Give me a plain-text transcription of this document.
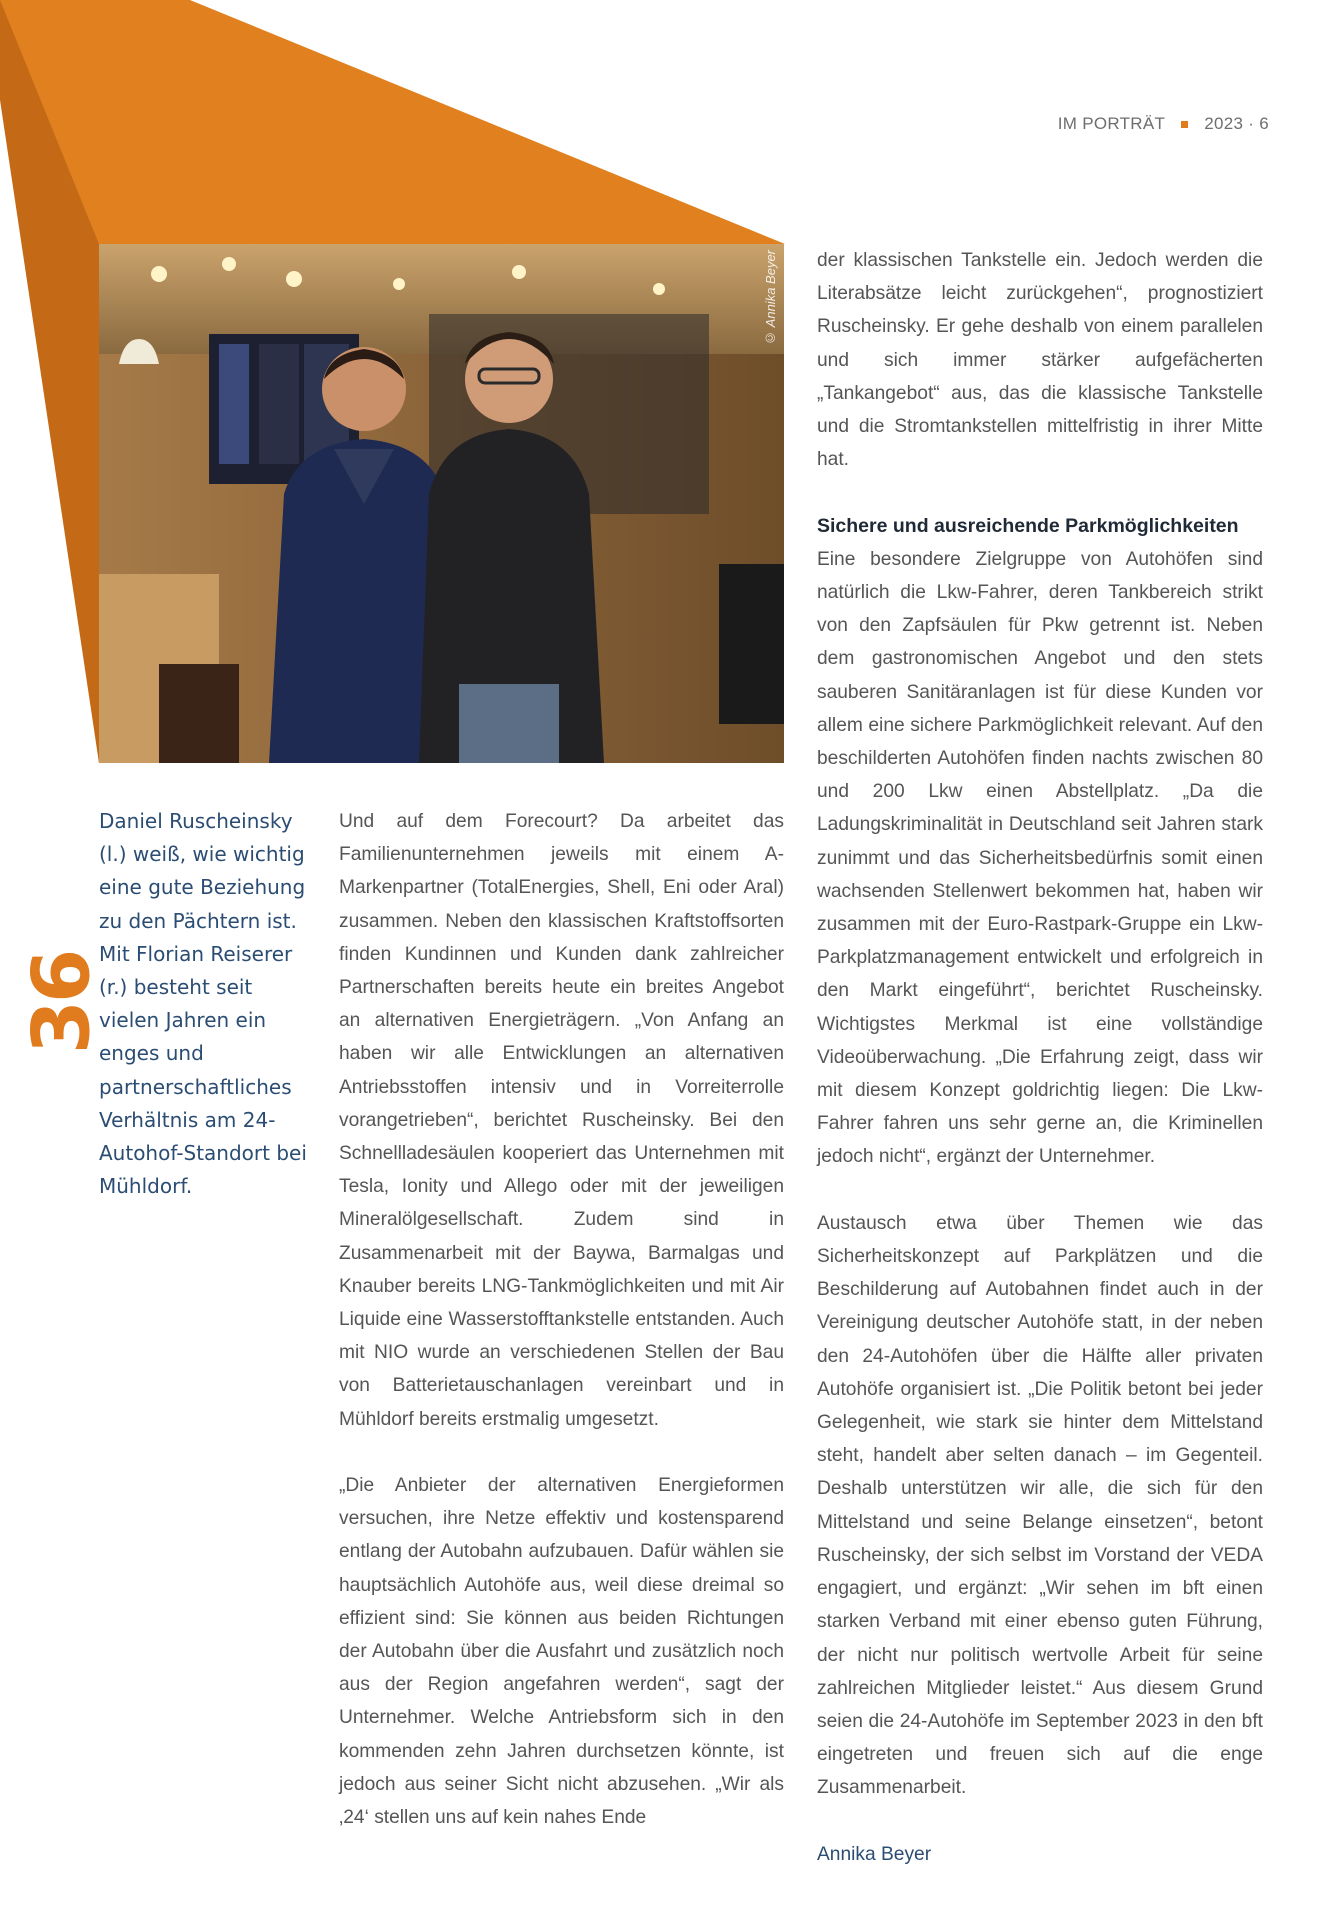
IM PORTRÄT 2023 · 6
© Annika Beyer
36
Daniel Ruscheinsky (l.) weiß, wie wichtig eine gute Beziehung zu den Pächtern ist. Mit Florian Reiserer (r.) besteht seit vielen Jahren ein enges und partnerschaftliches Verhältnis am 24-Autohof-Standort bei Mühldorf.

Und auf dem Forecourt? Da arbeitet das Familienunternehmen jeweils mit einem A-Markenpartner (TotalEnergies, Shell, Eni oder Aral) zusammen. Neben den klassischen Kraftstoffsorten finden Kundinnen und Kunden dank zahlreicher Partnerschaften bereits heute ein breites Angebot an alternativen Energieträgern. „Von Anfang an haben wir alle Entwicklungen an alternativen Antriebsstoffen intensiv und in Vorreiterrolle vorangetrieben“, berichtet Ruscheinsky. Bei den Schnellladesäulen kooperiert das Unternehmen mit Tesla, Ionity und Allego oder mit der jeweiligen Mineralölgesellschaft. Zudem sind in Zusammenarbeit mit der Baywa, Barmalgas und Knauber bereits LNG-Tankmöglichkeiten und mit Air Liquide eine Wasserstofftankstelle entstanden. Auch mit NIO wurde an verschiedenen Stellen der Bau von Batterietauschanlagen vereinbart und in Mühldorf bereits erstmalig umgesetzt.

„Die Anbieter der alternativen Energieformen versuchen, ihre Netze effektiv und kostensparend entlang der Autobahn aufzubauen. Dafür wählen sie hauptsächlich Autohöfe aus, weil diese dreimal so effizient sind: Sie können aus beiden Richtungen der Autobahn über die Ausfahrt und zusätzlich noch aus der Region angefahren werden“, sagt der Unternehmer. Welche Antriebsform sich in den kommenden zehn Jahren durchsetzen könnte, ist jedoch aus seiner Sicht nicht abzusehen. „Wir als ‚24‘ stellen uns auf kein nahes Ende

der klassischen Tankstelle ein. Jedoch werden die Literabsätze leicht zurückgehen“, prognostiziert Ruscheinsky. Er gehe deshalb von einem parallelen und sich immer stärker aufgefächerten „Tankangebot“ aus, das die klassische Tankstelle und die Stromtankstellen mittelfristig in ihrer Mitte hat.

Sichere und ausreichende Parkmöglichkeiten

Eine besondere Zielgruppe von Autohöfen sind natürlich die Lkw-Fahrer, deren Tankbereich strikt von den Zapfsäulen für Pkw getrennt ist. Neben dem gastronomischen Angebot und den stets sauberen Sanitäranlagen ist für diese Kunden vor allem eine sichere Parkmöglichkeit relevant. Auf den beschilderten Autohöfen finden nachts zwischen 80 und 200 Lkw einen Abstellplatz. „Da die Ladungskriminalität in Deutschland seit Jahren stark zunimmt und das Sicherheitsbedürfnis somit einen wachsenden Stellenwert bekommen hat, haben wir zusammen mit der Euro-Rastpark-Gruppe ein Lkw-Parkplatzmanagement entwickelt und erfolgreich in den Markt eingeführt“, berichtet Ruscheinsky. Wichtigstes Merkmal ist eine vollständige Videoüberwachung. „Die Erfahrung zeigt, dass wir mit diesem Konzept goldrichtig liegen: Die Lkw-Fahrer fahren uns sehr gerne an, die Kriminellen jedoch nicht“, ergänzt der Unternehmer.

Austausch etwa über Themen wie das Sicherheitskonzept auf Parkplätzen und die Beschilderung auf Autobahnen findet auch in der Vereinigung deutscher Autohöfe statt, in der neben den 24-Autohöfen über die Hälfte aller privaten Autohöfe organisiert ist. „Die Politik betont bei jeder Gelegenheit, wie stark sie hinter dem Mittelstand steht, handelt aber selten danach – im Gegenteil. Deshalb unterstützen wir alle, die sich für den Mittelstand und seine Belange einsetzen“, betont Ruscheinsky, der sich selbst im Vorstand der VEDA engagiert, und ergänzt: „Wir sehen im bft einen starken Verband mit einer ebenso guten Führung, der nicht nur politisch wertvolle Arbeit für seine zahlreichen Mitglieder leistet.“ Aus diesem Grund seien die 24-Autohöfe im September 2023 in den bft eingetreten und freuen sich auf die enge Zusammenarbeit.

Annika Beyer
